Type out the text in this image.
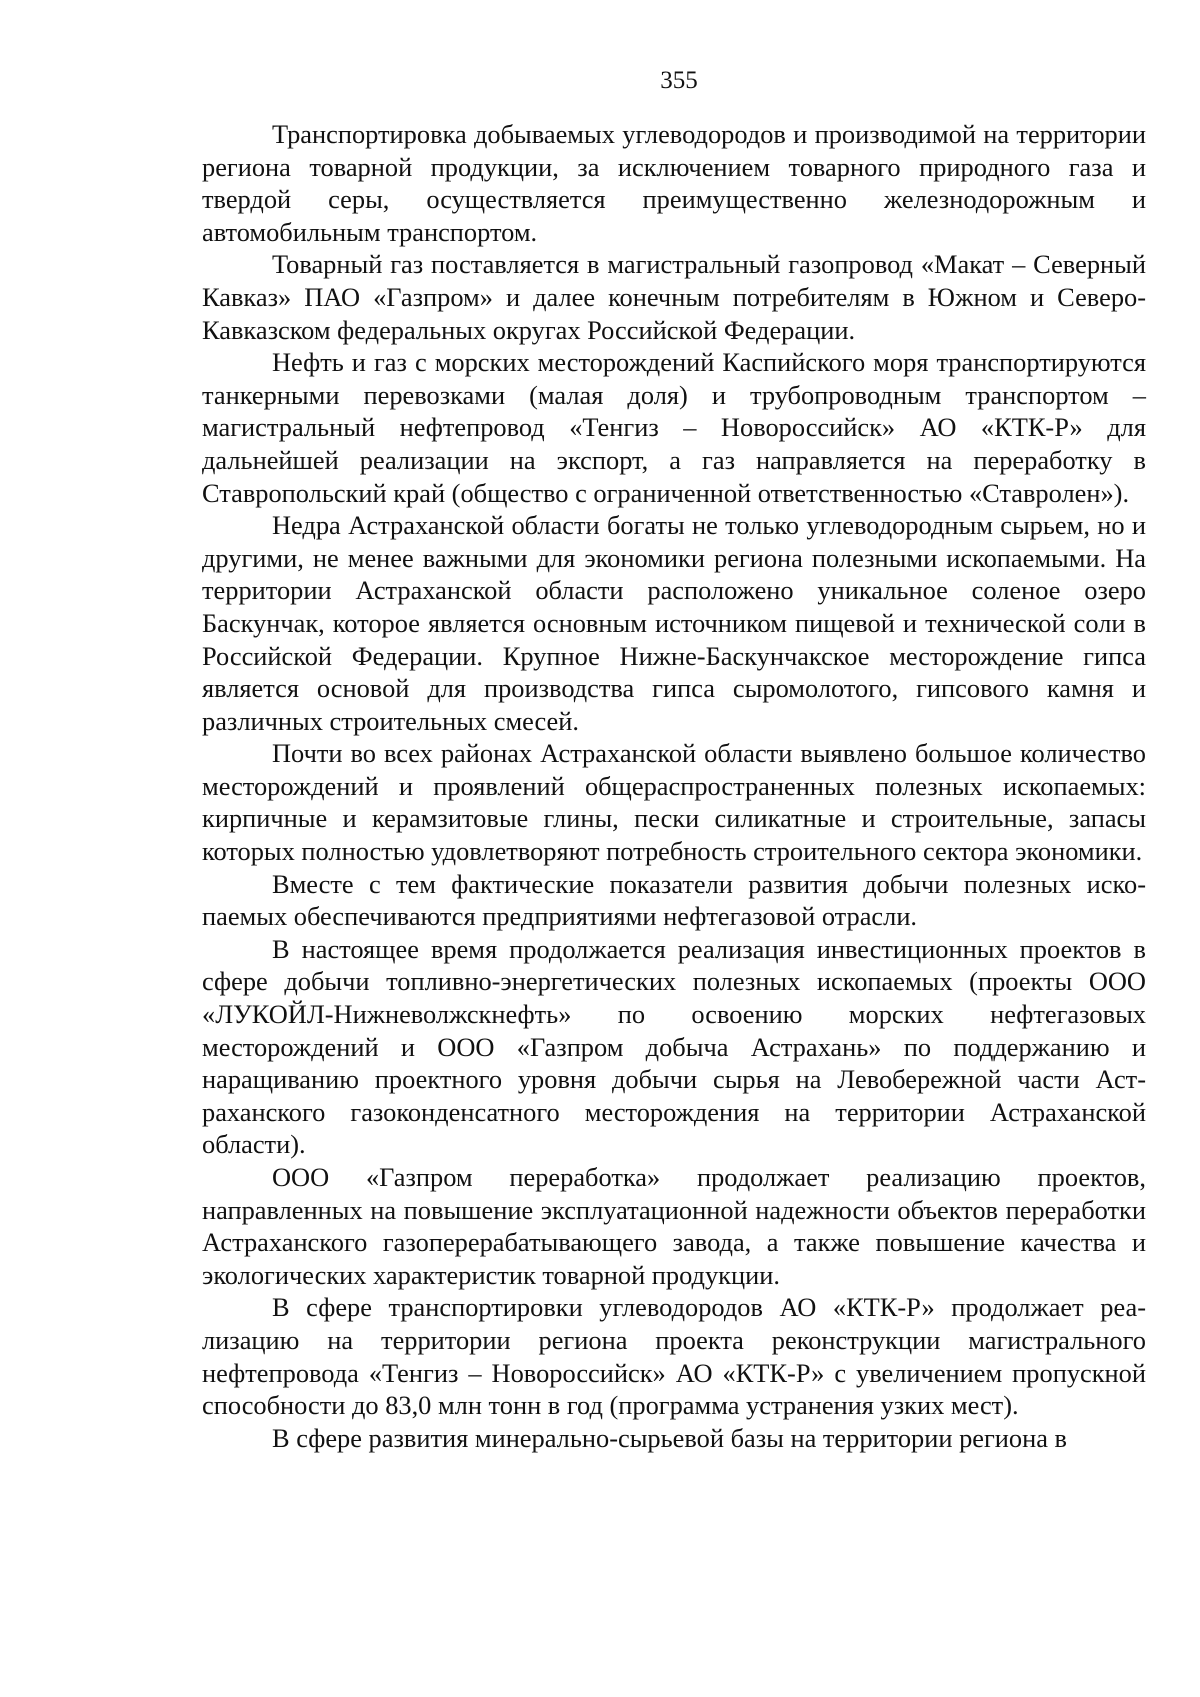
355

Транспортировка добываемых углеводородов и производимой на территории региона товарной продукции, за исключением товарного природного газа и твердой серы, осуществляется преимущественно железнодорожным и автомобильным транспортом.

Товарный газ поставляется в магистральный газопровод «Макат – Северный Кавказ» ПАО «Газпром» и далее конечным потребителям в Южном и Северо-Кавказском федеральных округах Российской Федерации.

Нефть и газ с морских месторождений Каспийского моря транспортируются танкерными перевозками (малая доля) и трубопроводным транспортом – магистральный нефтепровод «Тенгиз – Новороссийск» АО «КТК-Р» для дальнейшей реализации на экспорт, а газ направляется на переработку в Ставропольский край (общество с ограниченной ответственностью «Ставролен»).

Недра Астраханской области богаты не только углеводородным сырьем, но и другими, не менее важными для экономики региона полезными ископаемыми. На территории Астраханской области расположено уникальное соленое озеро Баскунчак, которое является основным источником пищевой и технической соли в Российской Федерации. Крупное Нижне-Баскунчакское месторождение гипса является основой для производства гипса сыромолотого, гипсового камня и различных строительных смесей.

Почти во всех районах Астраханской области выявлено большое количество месторождений и проявлений общераспространенных полезных ископаемых: кирпичные и керамзитовые глины, пески силикатные и строительные, запасы которых полностью удовлетворяют потребность строительного сектора экономики.

Вместе с тем фактические показатели развития добычи полезных ископаемых обеспечиваются предприятиями нефтегазовой отрасли.

В настоящее время продолжается реализация инвестиционных проектов в сфере добычи топливно-энергетических полезных ископаемых (проекты ООО «ЛУКОЙЛ-Нижневолжскнефть» по освоению морских нефтегазовых месторождений и ООО «Газпром добыча Астрахань» по поддержанию и наращиванию проектного уровня добычи сырья на Левобережной части Астраханского газоконденсатного месторождения на территории Астраханской области).

ООО «Газпром переработка» продолжает реализацию проектов, направленных на повышение эксплуатационной надежности объектов переработки Астраханского газоперерабатывающего завода, а также повышение качества и экологических характеристик товарной продукции.

В сфере транспортировки углеводородов АО «КТК-Р» продолжает реализацию на территории региона проекта реконструкции магистрального нефтепровода «Тенгиз – Новороссийск» АО «КТК-Р» с увеличением пропускной способности до 83,0 млн тонн в год (программа устранения узких мест).

В сфере развития минерально-сырьевой базы на территории региона в
